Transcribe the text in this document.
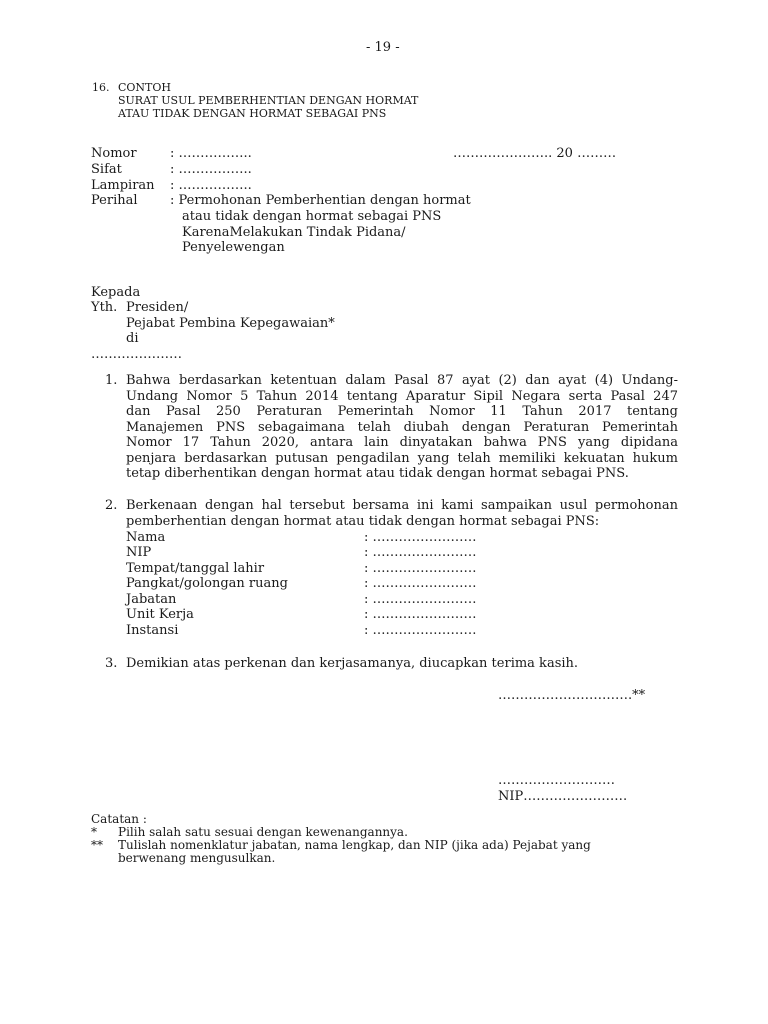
- 19 -
16. CONTOH
SURAT USUL PEMBERHENTIAN DENGAN HORMAT
ATAU TIDAK DENGAN HORMAT SEBAGAI PNS
Nomor	: ……………..	………………….. 20 ………
Sifat	: ……………..
Lampiran : ……………..
Perihal : Permohonan Pemberhentian dengan hormat
atau tidak dengan hormat sebagai PNS
KarenaMelakukan Tindak Pidana/
Penyelewengan
Kepada
Yth. Presiden/
Pejabat Pembina Kepegawaian*
di
…………………
1. Bahwa berdasarkan ketentuan dalam Pasal 87 ayat (2) dan ayat (4) Undang-
Undang Nomor 5 Tahun 2014 tentang Aparatur Sipil Negara serta Pasal 247
dan Pasal 250 Peraturan Pemerintah Nomor 11 Tahun 2017 tentang
Manajemen PNS sebagaimana telah diubah dengan Peraturan Pemerintah
Nomor 17 Tahun 2020, antara lain dinyatakan bahwa PNS yang dipidana
penjara berdasarkan putusan pengadilan yang telah memiliki kekuatan hukum
tetap diberhentikan dengan hormat atau tidak dengan hormat sebagai PNS.
2. Berkenaan dengan hal tersebut bersama ini kami sampaikan usul permohonan
pemberhentian dengan hormat atau tidak dengan hormat sebagai PNS:
Nama	: ……………………
NIP	: ……………………
Tempat/tanggal lahir	: ……………………
Pangkat/golongan ruang	: ……………………
Jabatan	: ……………………
Unit Kerja	: ……………………
Instansi	: ……………………
3. Demikian atas perkenan dan kerjasamanya, diucapkan terima kasih.
………………………….**
………………………
NIP……………………
Catatan :
* Pilih salah satu sesuai dengan kewenangannya.
** Tulislah nomenklatur jabatan, nama lengkap, dan NIP (jika ada) Pejabat yang
berwenang mengusulkan.
